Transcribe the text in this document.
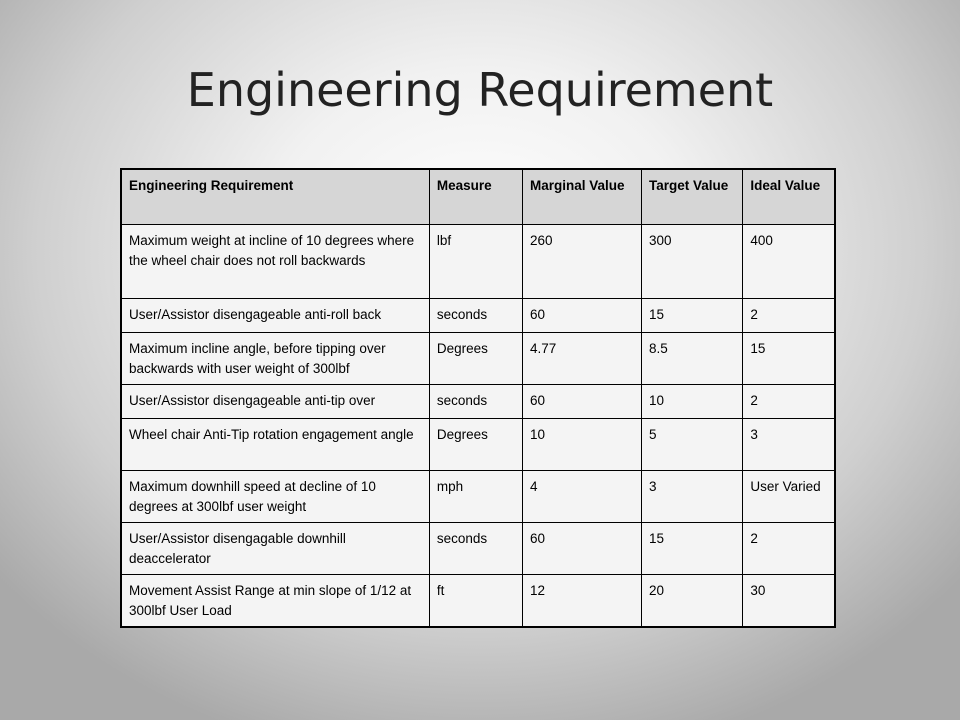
Engineering Requirement
Engineering Requirement	Measure	Marginal Value	Target Value	Ideal Value
Maximum weight at incline of 10 degrees where the wheel chair does not roll backwards	lbf	260	300	400
User/Assistor disengageable anti-roll back	seconds	60	15	2
Maximum incline angle, before tipping over backwards with user weight of 300lbf	Degrees	4.77	8.5	15
User/Assistor disengageable anti-tip over	seconds	60	10	2
Wheel chair Anti-Tip rotation engagement angle	Degrees	10	5	3
Maximum downhill speed at decline of 10 degrees at 300lbf user weight	mph	4	3	User Varied
User/Assistor disengagable downhill deaccelerator	seconds	60	15	2
Movement Assist Range at min slope of 1/12 at 300lbf User Load	ft	12	20	30
